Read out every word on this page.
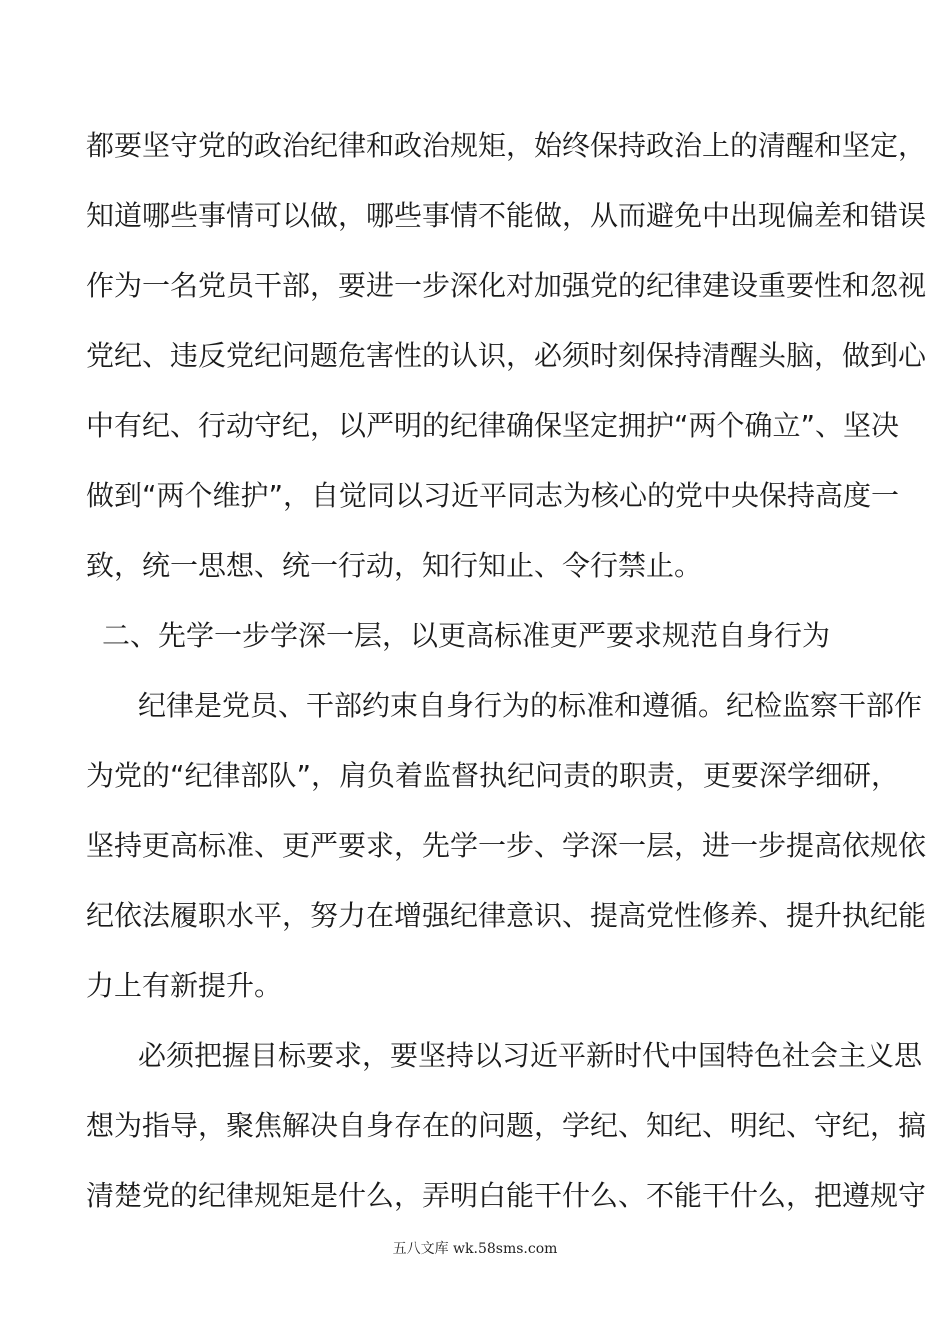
都要坚守党的政治纪律和政治规矩，始终保持政治上的清醒和坚定，
知道哪些事情可以做，哪些事情不能做，从而避免中出现偏差和错误
作为一名党员干部，要进一步深化对加强党的纪律建设重要性和忽视
党纪、违反党纪问题危害性的认识，必须时刻保持清醒头脑，做到心
中有纪、行动守纪，以严明的纪律确保坚定拥护“两个确立”、坚决
做到“两个维护”，自觉同以习近平同志为核心的党中央保持高度一
致，统一思想、统一行动，知行知止、令行禁止。
二、先学一步学深一层，以更高标准更严要求规范自身行为
纪律是党员、干部约束自身行为的标准和遵循。纪检监察干部作
为党的“纪律部队”，肩负着监督执纪问责的职责，更要深学细研，
坚持更高标准、更严要求，先学一步、学深一层，进一步提高依规依
纪依法履职水平，努力在增强纪律意识、提高党性修养、提升执纪能
力上有新提升。
必须把握目标要求，要坚持以习近平新时代中国特色社会主义思
想为指导，聚焦解决自身存在的问题，学纪、知纪、明纪、守纪，搞
清楚党的纪律规矩是什么，弄明白能干什么、不能干什么，把遵规守
五八文库 wk.58sms.com
